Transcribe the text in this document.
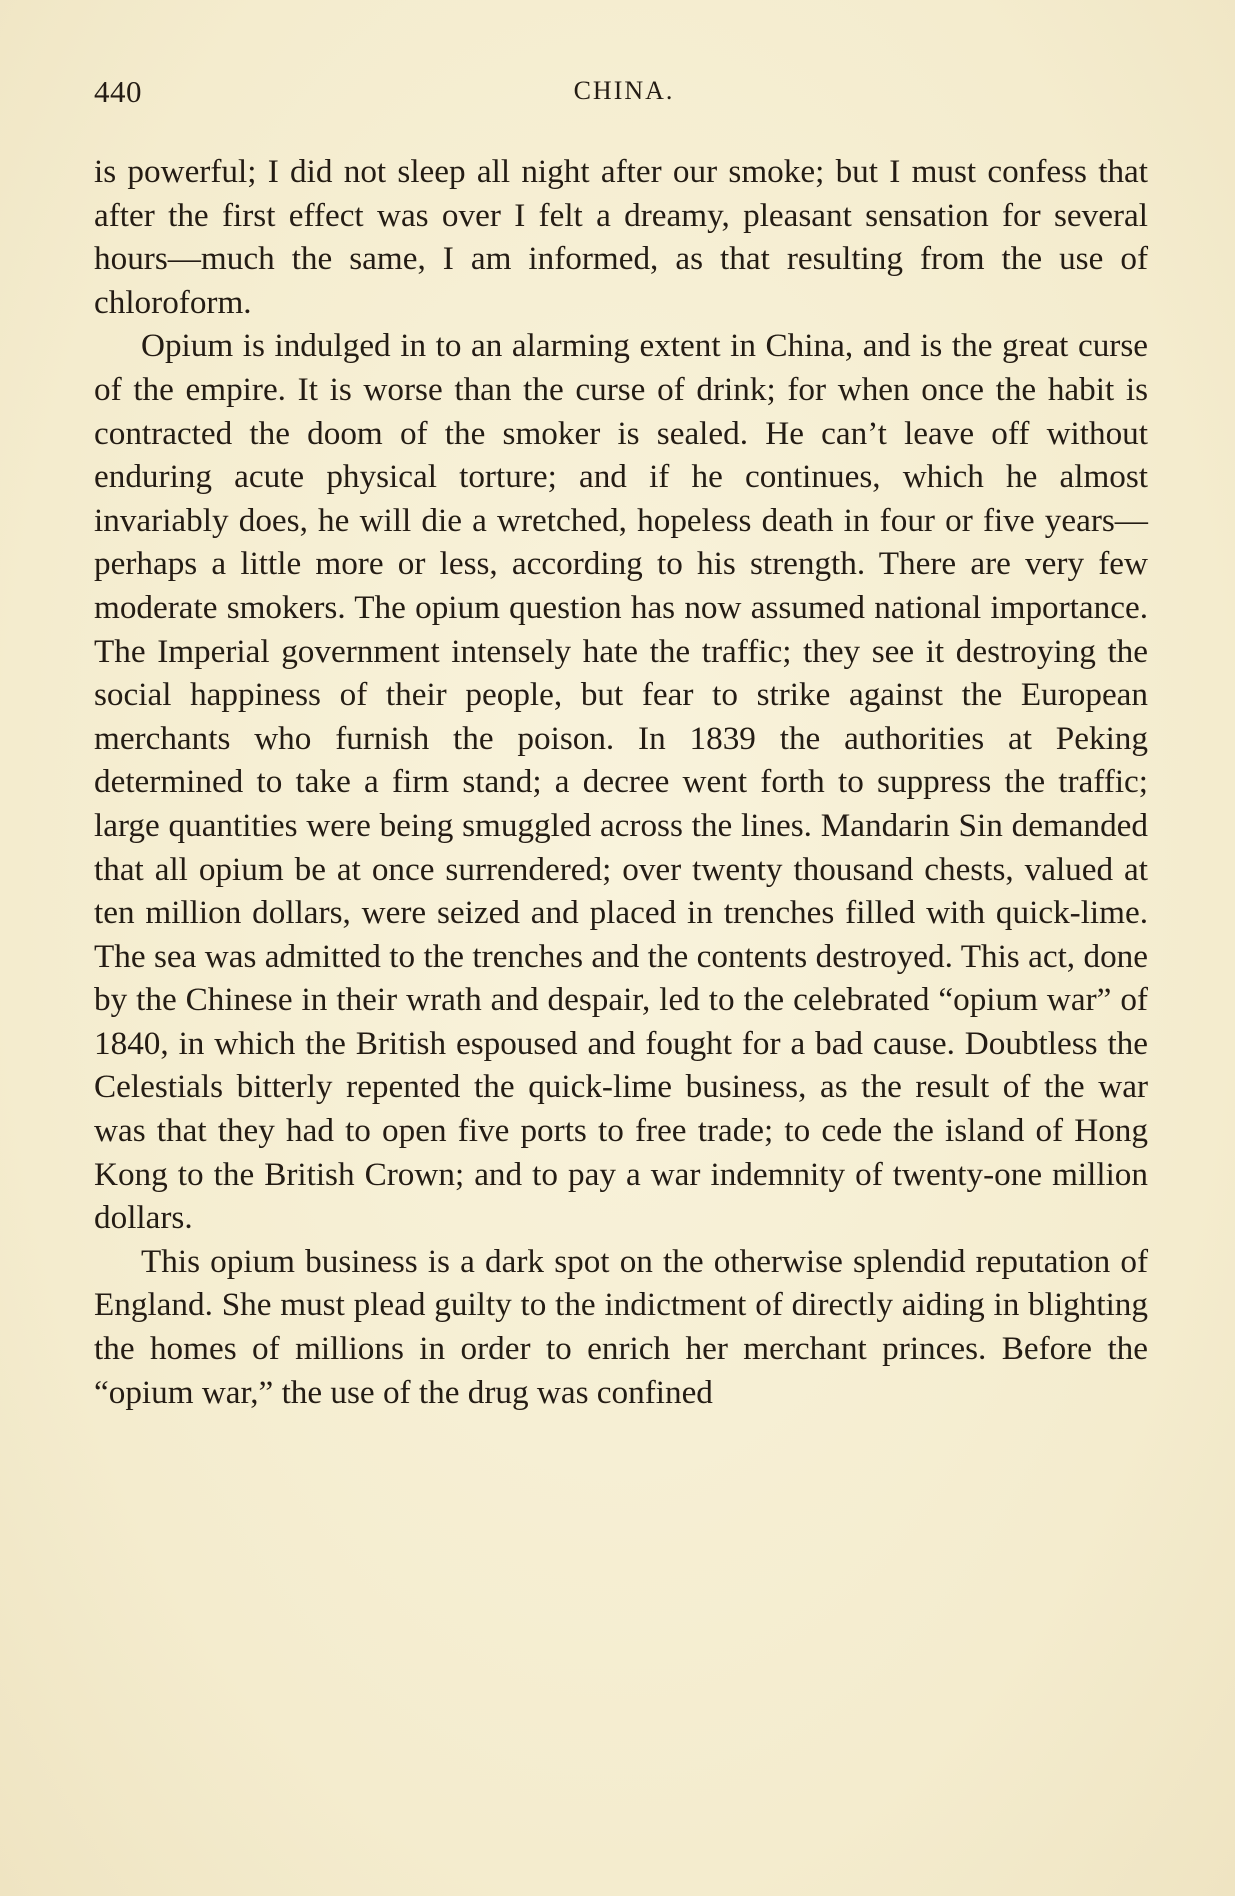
440	CHINA.

is powerful; I did not sleep all night after our smoke; but I must confess that after the first effect was over I felt a dreamy, pleasant sensation for several hours—much the same, I am informed, as that resulting from the use of chloroform.

Opium is indulged in to an alarming extent in China, and is the great curse of the empire. It is worse than the curse of drink; for when once the habit is contracted the doom of the smoker is sealed. He can’t leave off without enduring acute physical torture; and if he continues, which he almost invariably does, he will die a wretched, hopeless death in four or five years—perhaps a little more or less, according to his strength. There are very few moderate smokers. The opium question has now assumed national importance. The Imperial government intensely hate the traffic; they see it destroying the social happiness of their people, but fear to strike against the European merchants who furnish the poison. In 1839 the authorities at Peking determined to take a firm stand; a decree went forth to suppress the traffic; large quantities were being smuggled across the lines. Mandarin Sin demanded that all opium be at once surrendered; over twenty thousand chests, valued at ten million dollars, were seized and placed in trenches filled with quick-lime. The sea was admitted to the trenches and the contents destroyed. This act, done by the Chinese in their wrath and despair, led to the celebrated “opium war” of 1840, in which the British espoused and fought for a bad cause. Doubtless the Celestials bitterly repented the quick-lime business, as the result of the war was that they had to open five ports to free trade; to cede the island of Hong Kong to the British Crown; and to pay a war indemnity of twenty-one million dollars.

This opium business is a dark spot on the otherwise splendid reputation of England. She must plead guilty to the indictment of directly aiding in blighting the homes of millions in order to enrich her merchant princes. Before the “opium war,” the use of the drug was confined
